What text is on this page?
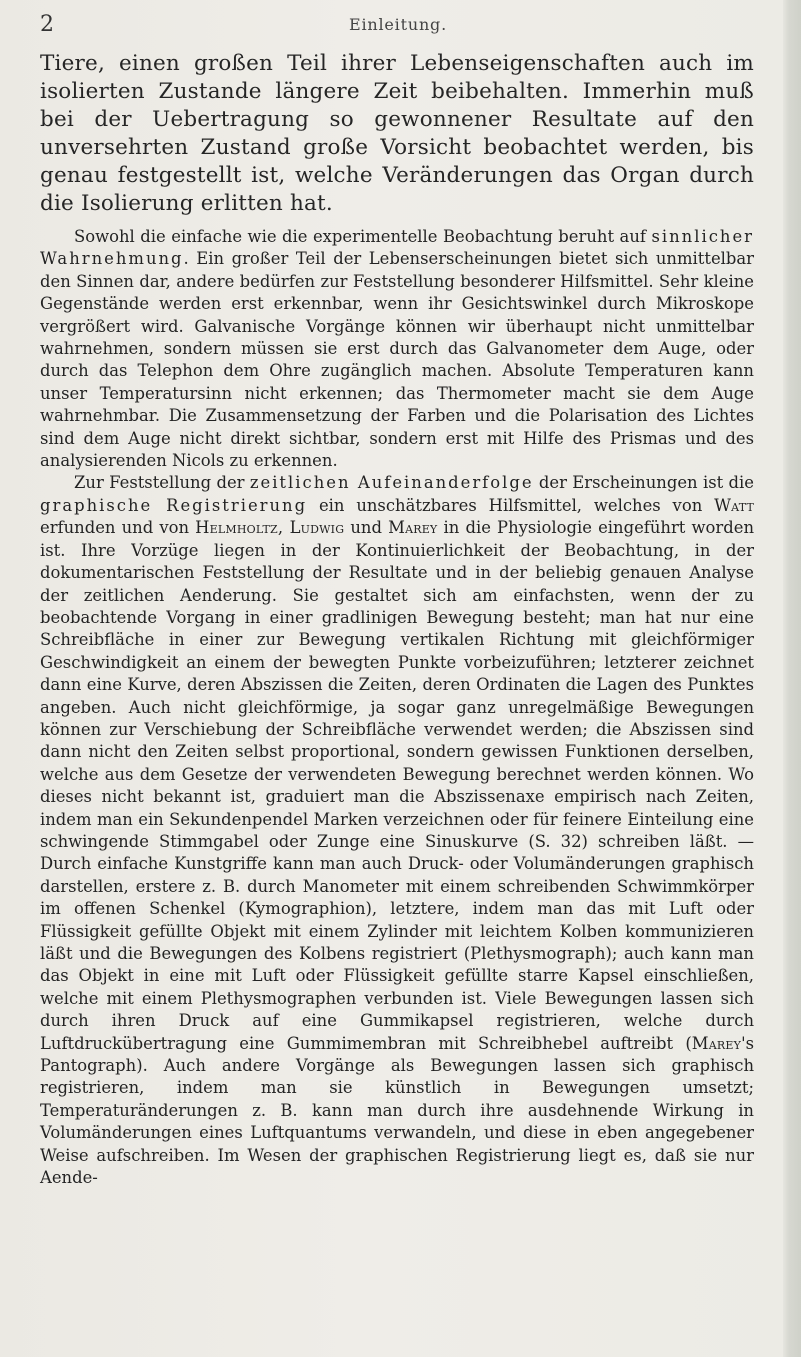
2	Einleitung.

Tiere, einen großen Teil ihrer Lebenseigenschaften auch im isolierten Zustande längere Zeit beibehalten. Immerhin muß bei der Uebertragung so gewonnener Resultate auf den unversehrten Zustand große Vorsicht beobachtet werden, bis genau festgestellt ist, welche Veränderungen das Organ durch die Isolierung erlitten hat.

Sowohl die einfache wie die experimentelle Beobachtung beruht auf sinnlicher Wahrnehmung. Ein großer Teil der Lebenserscheinungen bietet sich unmittelbar den Sinnen dar, andere bedürfen zur Feststellung besonderer Hilfsmittel. Sehr kleine Gegenstände werden erst erkennbar, wenn ihr Gesichtswinkel durch Mikroskope vergrößert wird. Galvanische Vorgänge können wir überhaupt nicht unmittelbar wahrnehmen, sondern müssen sie erst durch das Galvanometer dem Auge, oder durch das Telephon dem Ohre zugänglich machen. Absolute Temperaturen kann unser Temperatursinn nicht erkennen; das Thermometer macht sie dem Auge wahrnehmbar. Die Zusammensetzung der Farben und die Polarisation des Lichtes sind dem Auge nicht direkt sichtbar, sondern erst mit Hilfe des Prismas und des analysierenden Nicols zu erkennen.

Zur Feststellung der zeitlichen Aufeinanderfolge der Erscheinungen ist die graphische Registrierung ein unschätzbares Hilfsmittel, welches von Watt erfunden und von Helmholtz, Ludwig und Marey in die Physiologie eingeführt worden ist. Ihre Vorzüge liegen in der Kontinuierlichkeit der Beobachtung, in der dokumentarischen Feststellung der Resultate und in der beliebig genauen Analyse der zeitlichen Aenderung. Sie gestaltet sich am einfachsten, wenn der zu beobachtende Vorgang in einer gradlinigen Bewegung besteht; man hat nur eine Schreibfläche in einer zur Bewegung vertikalen Richtung mit gleichförmiger Geschwindigkeit an einem der bewegten Punkte vorbeizuführen; letzterer zeichnet dann eine Kurve, deren Abszissen die Zeiten, deren Ordinaten die Lagen des Punktes angeben. Auch nicht gleichförmige, ja sogar ganz unregelmäßige Bewegungen können zur Verschiebung der Schreibfläche verwendet werden; die Abszissen sind dann nicht den Zeiten selbst proportional, sondern gewissen Funktionen derselben, welche aus dem Gesetze der verwendeten Bewegung berechnet werden können. Wo dieses nicht bekannt ist, graduiert man die Abszissenaxe empirisch nach Zeiten, indem man ein Sekundenpendel Marken verzeichnen oder für feinere Einteilung eine schwingende Stimmgabel oder Zunge eine Sinuskurve (S. 32) schreiben läßt. — Durch einfache Kunstgriffe kann man auch Druck- oder Volumänderungen graphisch darstellen, erstere z. B. durch Manometer mit einem schreibenden Schwimmkörper im offenen Schenkel (Kymographion), letztere, indem man das mit Luft oder Flüssigkeit gefüllte Objekt mit einem Zylinder mit leichtem Kolben kommunizieren läßt und die Bewegungen des Kolbens registriert (Plethysmograph); auch kann man das Objekt in eine mit Luft oder Flüssigkeit gefüllte starre Kapsel einschließen, welche mit einem Plethysmographen verbunden ist. Viele Bewegungen lassen sich durch ihren Druck auf eine Gummikapsel registrieren, welche durch Luftdruckübertragung eine Gummimembran mit Schreibhebel auftreibt (Marey's Pantograph). Auch andere Vorgänge als Bewegungen lassen sich graphisch registrieren, indem man sie künstlich in Bewegungen umsetzt; Temperaturänderungen z. B. kann man durch ihre ausdehnende Wirkung in Volumänderungen eines Luftquantums verwandeln, und diese in eben angegebener Weise aufschreiben. Im Wesen der graphischen Registrierung liegt es, daß sie nur Aende-
